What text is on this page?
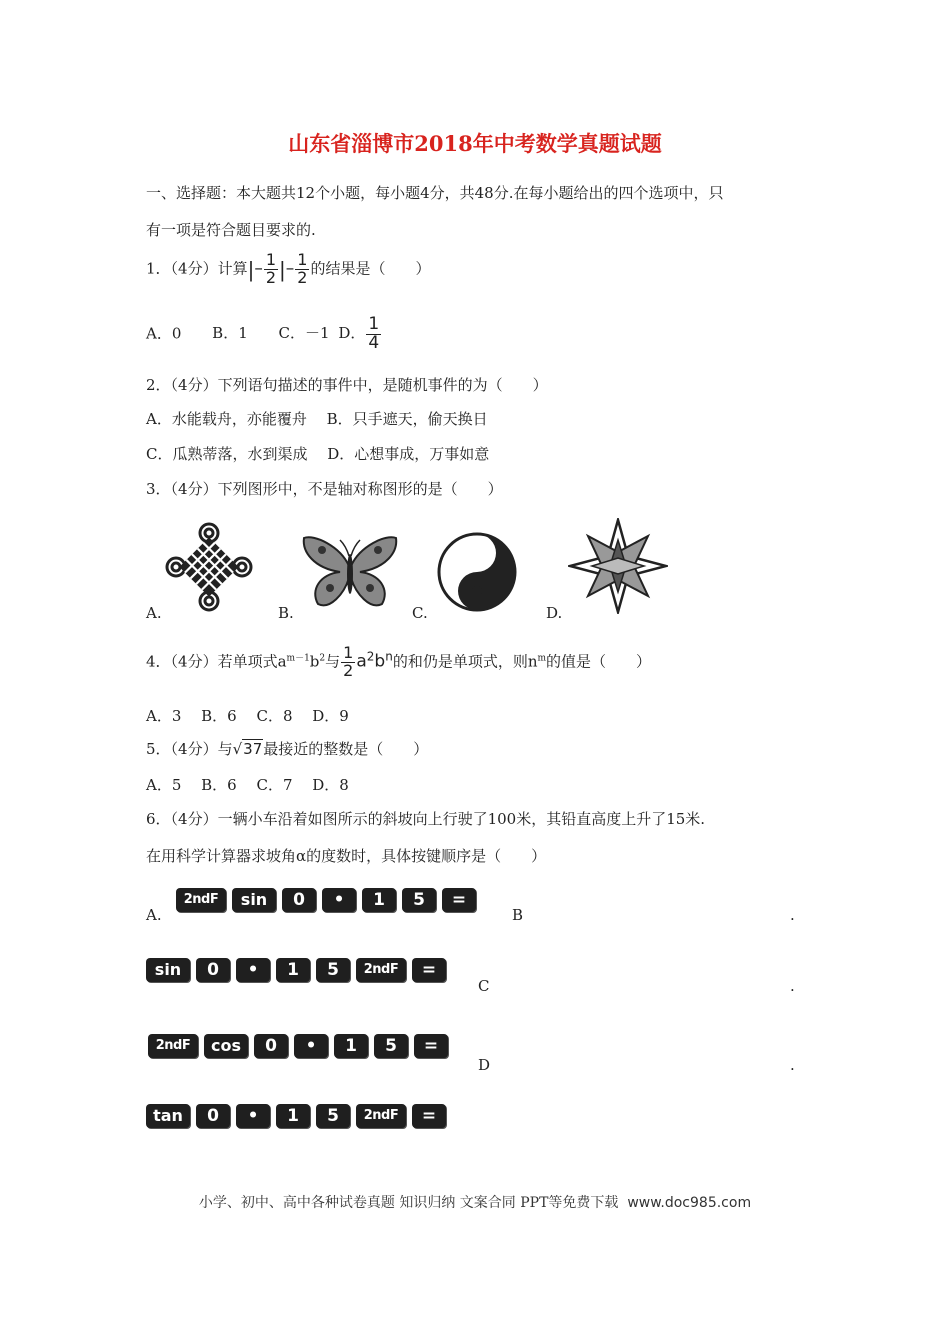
山东省淄博市2018年中考数学真题试题
一、选择题：本大题共12个小题，每小题4分，共48分.在每小题给出的四个选项中，只
有一项是符合题目要求的.
1．（4分）计算|– $\frac{1}{2}$ |– $\frac{1}{2}$ 的结果是（　　）
A．0 B．1 C．－1 D． $\frac{1}{4}$
2．（4分）下列语句描述的事件中，是随机事件的为（　　）
A．水能载舟，亦能覆舟　 B．只手遮天，偷天换日
C．瓜熟蒂落，水到渠成　 D．心想事成，万事如意
3．（4分）下列图形中，不是轴对称图形的是（　　）
A.	B.	C.	D.
4．（4分）若单项式$a^{m-1}b^2$与 $\frac{1}{2} a^2b^n$的和仍是单项式，则$n^m$的值是（　　）
A．3　 B．6　 C．8　 D．9
5．（4分）与√37最接近的整数是（　　）
A．5　 B．6　 C．7　 D．8
6．（4分）一辆小车沿着如图所示的斜坡向上行驶了100米，其铅直高度上升了15米.
在用科学计算器求坡角α的度数时，具体按键顺序是（　　）
A.
2ndF	sin	0	•	1	5	=
B	.
sin	0	•	1	5	2ndF	=
C	.
2ndF	cos	0	•	1	5	=
D	.
tan	0	•	1	5	2ndF	=
小学、初中、高中各种试卷真题 知识归纳 文案合同 PPT等免费下载 www.doc985.com
